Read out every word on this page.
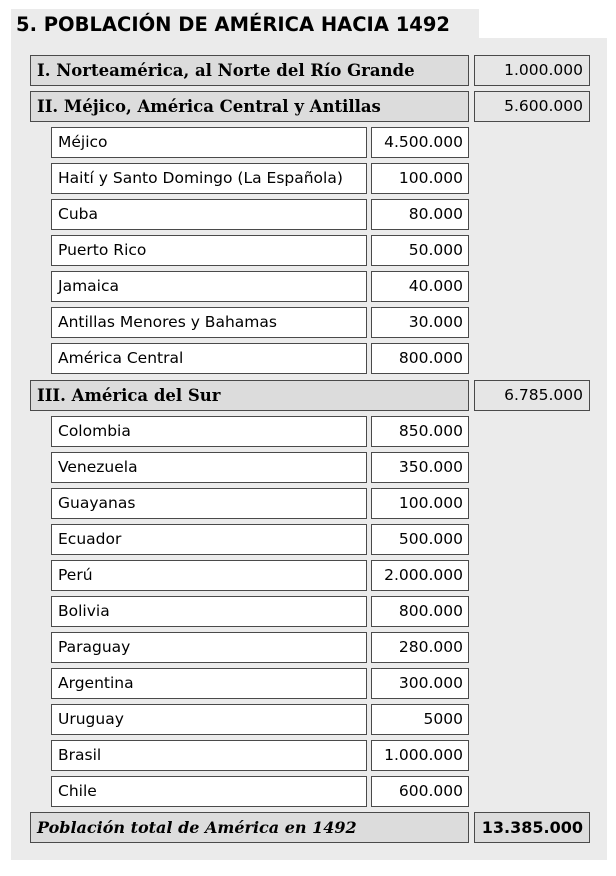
5. POBLACIÓN DE AMÉRICA HACIA 1492
I. Norteamérica, al Norte del Río Grande	1.000.000
II. Méjico, América Central y Antillas	5.600.000
Méjico	4.500.000
Haití y Santo Domingo (La Española)	100.000
Cuba	80.000
Puerto Rico	50.000
Jamaica	40.000
Antillas Menores y Bahamas	30.000
América Central	800.000
III. América del Sur	6.785.000
Colombia	850.000
Venezuela	350.000
Guayanas	100.000
Ecuador	500.000
Perú	2.000.000
Bolivia	800.000
Paraguay	280.000
Argentina	300.000
Uruguay	5000
Brasil	1.000.000
Chile	600.000
Población total de América en 1492	13.385.000
